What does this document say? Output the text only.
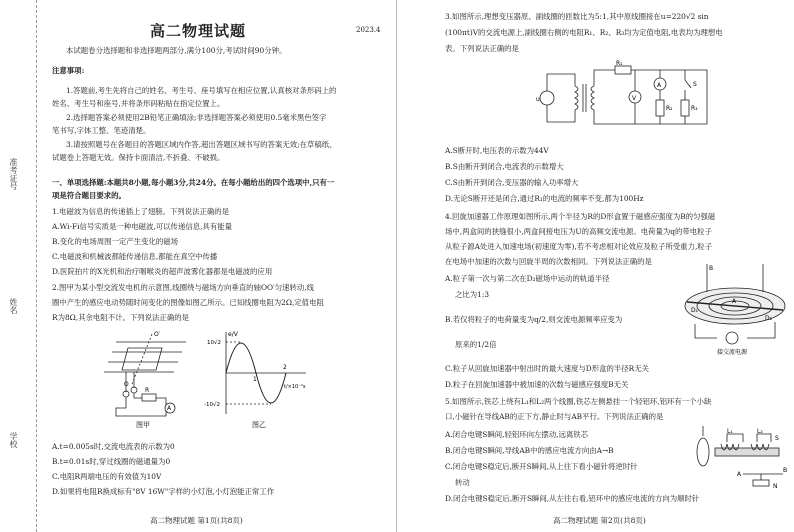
准考证号
姓名
学校
高二物理试题	2023.4
本试题卷分选择题和非选择题两部分,满分100分,考试时间90分钟。
注意事项:
1.答题前,考生先将自己的姓名、考生号、座号填写在相应位置,认真核对条形码上的
姓名、考生号和座号,并将条形码粘贴在指定位置上。
2.选择题答案必须使用2B铅笔正确填涂;非选择题答案必须使用0.5毫米黑色签字
笔书写,字体工整、笔迹清楚。
3.请按照题号在各题目的答题区域内作答,超出答题区域书写的答案无效;在草稿纸、
试题卷上答题无效。保持卡面清洁,不折叠、不破损。
一、单项选择题:本题共8小题,每小题3分,共24分。在每小题给出的四个选项中,只有一
项是符合题目要求的。
1.电磁波为信息的传递插上了翅膀。下列说法正确的是
A.Wi-Fi信号实质是一种电磁波,可以传递信息,具有能量
B.变化的电场周围一定产生变化的磁场
C.电磁波和机械波都能传递信息,都能在真空中传播
D.医院拍片的X光机和治疗咽喉炎的超声波雾化器都是电磁波的应用
2.图甲为某小型交流发电机的示意图,线圈绕与磁场方向垂直的轴OO′匀速转动,线
圈中产生的感应电动势随时间变化的图像如图乙所示。已知线圈电阻为2Ω,定值电阻
R为8Ω,其余电阻不计。下列说法正确的是
O′
O
R
A
图甲
e/V
10√2
-10√2
1
2
t/×10⁻²s
图乙
A.t=0.005s时,交流电流表的示数为0
B.t=0.01s时,穿过线圈的磁通量为0
C.电阻R两端电压的有效值为10V
D.如果将电阻R换成标有"8V 16W"字样的小灯泡,小灯泡能正常工作
高二物理试题 第1页(共8页)
3.如图所示,理想变压器原、副线圈的匝数比为5:1,其中原线圈接在u=220√2 sin
(100πt)V的交流电源上,副线圈右侧的电阻R₁、R₂、R₃均为定值电阻,电表均为理想电
表。下列说法正确的是
u
R₁
V
A
R₂	R₃
S
A.S断开时,电压表的示数为44V
B.S由断开到闭合,电流表的示数增大
C.S由断开到闭合,变压器的输入功率增大
D.无论S断开还是闭合,通过R₁的电流的频率不变,都为100Hz
4.回旋加速器工作原理如图所示,两个半径为R的D形盒置于磁感应强度为B的匀强磁
场中,两盒间的狭缝很小,两盒间接电压为U的高频交流电源。电荷量为q的带电粒子
从粒子源A处进入加速电场(初速度为零),若不考虑相对论效应及粒子所受重力,粒子
在电场中加速的次数与回旋半周的次数相同。下列说法正确的是
A.粒子第一次与第二次在D₂磁场中运动的轨道半径
之比为1:3
B.若仅将粒子的电荷量变为q/2,则交流电源频率应变为
原来的1/2倍
B
A
D₁
D₂
接交流电源
C.粒子从回旋加速器中射出时的最大速度与D形盒的半径R无关
D.粒子在回旋加速器中被加速的次数与磁感应强度B无关
5.如图所示,铁芯上绕有L₁和L₂两个线圈,铁芯左侧悬挂一个轻铝环,铝环有一个小缺
口,小磁针在导线AB的正下方,静止时与AB平行。下列说法正确的是
A.闭合电键S瞬间,轻铝环向左摆动,远离铁芯
B.闭合电键S瞬间,导线AB中的感应电流方向由A→B
C.闭合电键S稳定后,断开S瞬间,从上往下看小磁针将逆时针
转动
D.闭合电键S稳定后,断开S瞬间,从左往右看,铝环中的感应电流的方向为顺时针
L₁	L₂
A
B
S
N
高二物理试题 第2页(共8页)
